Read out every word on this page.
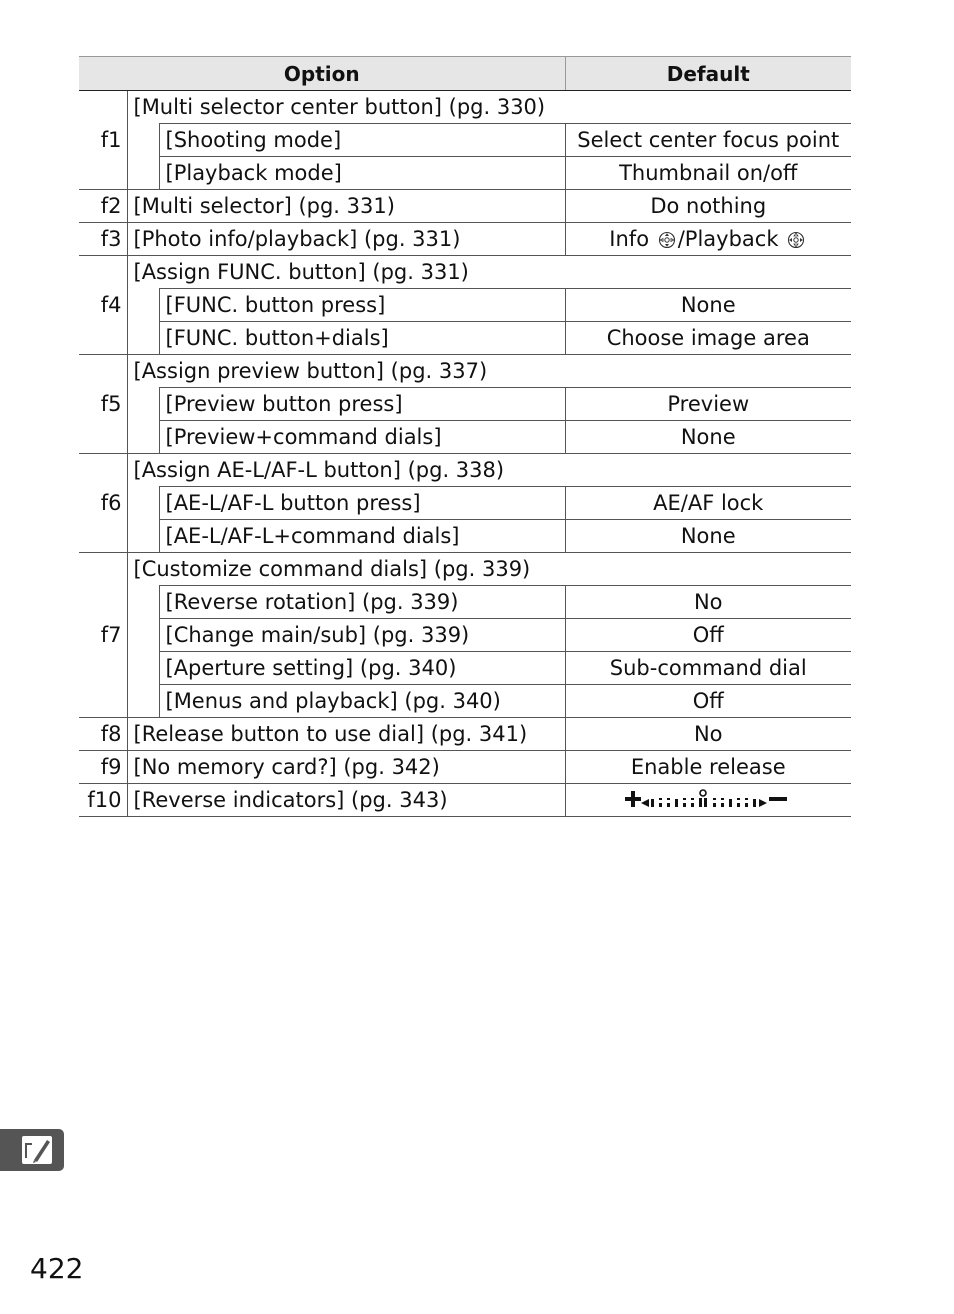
Option			Default
f1	[Multi selector center button] (pg. 330)		
		[Shooting mode]	Select center focus point
		[Playback mode]	Thumbnail on/off
f2	[Multi selector] (pg. 331)		Do nothing
f3	[Photo info/playback] (pg. 331)		Info /Playback
f4	[Assign FUNC. button] (pg. 331)		
		[FUNC. button press]	None
		[FUNC. button+dials]	Choose image area
f5	[Assign preview button] (pg. 337)		
		[Preview button press]	Preview
		[Preview+command dials]	None
f6	[Assign AE-L/AF-L button] (pg. 338)		
		[AE-L/AF-L button press]	AE/AF lock
		[AE-L/AF-L+command dials]	None
f7	[Customize command dials] (pg. 339)		
		[Reverse rotation] (pg. 339)	No
		[Change main/sub] (pg. 339)	Off
		[Aperture setting] (pg. 340)	Sub-command dial
		[Menus and playback] (pg. 340)	Off
f8	[Release button to use dial] (pg. 341)		No
f9	[No memory card?] (pg. 342)		Enable release
f10	[Reverse indicators] (pg. 343)	
422
